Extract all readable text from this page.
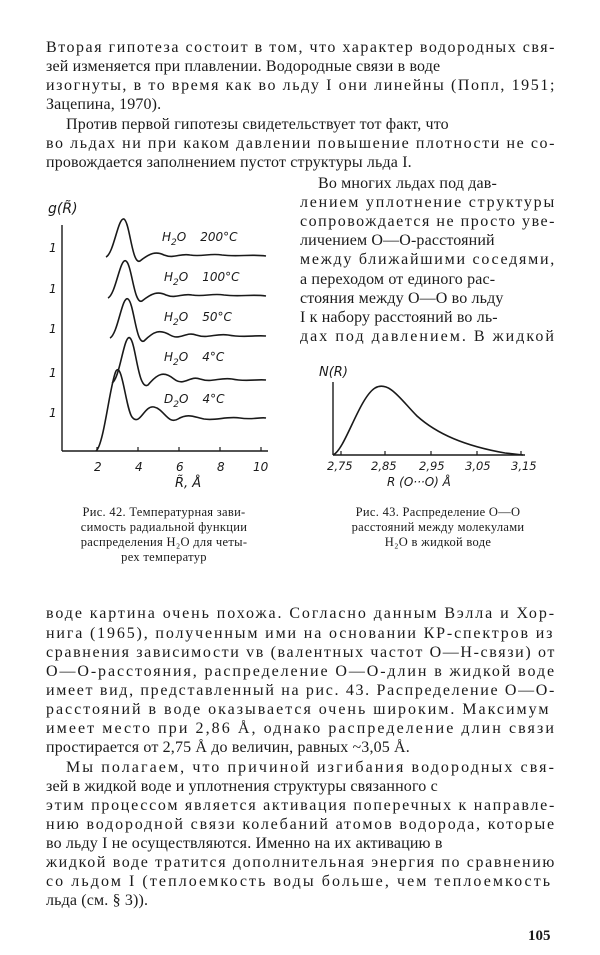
Вторая гипотеза состоит в том, что характер водородных свя-
зей изменяется при плавлении. Водородные связи в воде
изогнуты, в то время как во льду I они линейны (Попл, 1951;
Зацепина, 1970).
Против первой гипотезы свидетельствует тот факт, что
во льдах ни при каком давлении повышение плотности не со-
провождается заполнением пустот структуры льда I.
Во многих льдах под дав-
лением уплотнение структуры
сопровождается не просто уве-
личением О—О-расстояний
между ближайшими соседями,
а переходом от единого рас-
стояния между О—О во льду
I к набору расстояний во ль-
дах под давлением. В жидкой
g(R̃)
2	4	6	8 10
R̃, Å
1
1
1
1
1
$H_2O$ 200°C
$H_2O$ 100°C
$H_2O$ 50°C
$H_2O$ 4°C
$D_2O$ 4°C
Рис. 42. Температурная зави-
симость радиальной функции
распределения H₂O для четы-
рех температур
N(R)
2,75 2,85 2,95 3,05 3,15
R (O···O) Å
Рис. 43. Распределение О—О
расстояний между молекулами
H₂O в жидкой воде
воде картина очень похожа. Согласно данным Вэлла и Хор-
нига (1965), полученным ими на основании КР-спектров из
сравнения зависимости vв (валентных частот О—Н-связи) от
О—О-расстояния, распределение О—О-длин в жидкой воде
имеет вид, представленный на рис. 43. Распределение О—О-
расстояний в воде оказывается очень широким. Максимум
имеет место при 2,86 Å, однако распределение длин связи
простирается от 2,75 Å до величин, равных ~3,05 Å.
Мы полагаем, что причиной изгибания водородных свя-
зей в жидкой воде и уплотнения структуры связанного с
этим процессом является активация поперечных к направле-
нию водородной связи колебаний атомов водорода, которые
во льду I не осуществляются. Именно на их активацию в
жидкой воде тратится дополнительная энергия по сравнению
со льдом I (теплоемкость воды больше, чем теплоемкость
льда (см. § 3)).
105
